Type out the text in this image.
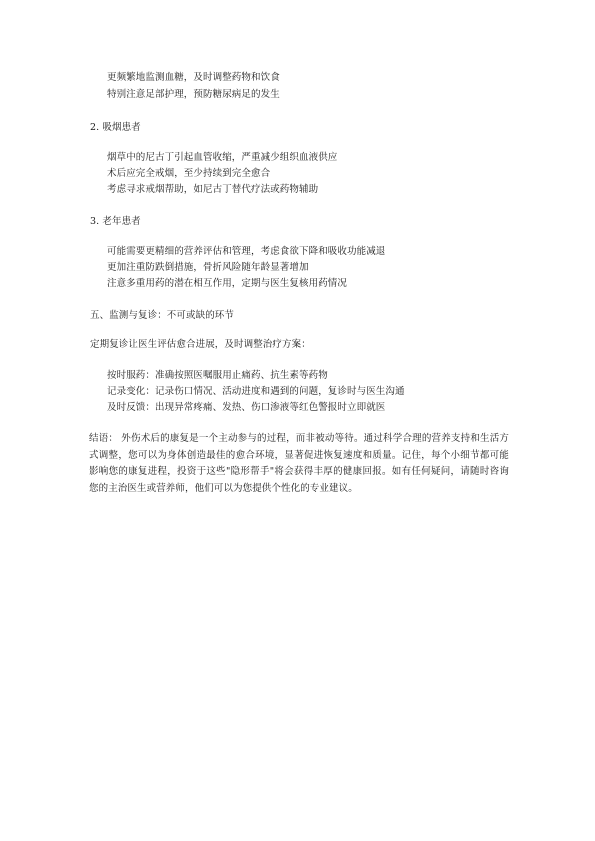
更频繁地监测血糖，及时调整药物和饮食
特别注意足部护理，预防糖尿病足的发生
2. 吸烟患者
烟草中的尼古丁引起血管收缩，严重减少组织血液供应
术后应完全戒烟，至少持续到完全愈合
考虑寻求戒烟帮助，如尼古丁替代疗法或药物辅助
3. 老年患者
可能需要更精细的营养评估和管理，考虑食欲下降和吸收功能减退
更加注重防跌倒措施，骨折风险随年龄显著增加
注意多重用药的潜在相互作用，定期与医生复核用药情况
五、监测与复诊：不可或缺的环节
定期复诊让医生评估愈合进展，及时调整治疗方案：
按时服药：准确按照医嘱服用止痛药、抗生素等药物
记录变化：记录伤口情况、活动进度和遇到的问题，复诊时与医生沟通
及时反馈：出现异常疼痛、发热、伤口渗液等红色警报时立即就医
结语： 外伤术后的康复是一个主动参与的过程，而非被动等待。通过科学合理的营养支持和生活方式调整，您可以为身体创造最佳的愈合环境，显著促进恢复速度和质量。记住，每个小细节都可能影响您的康复进程，投资于这些"隐形帮手"将会获得丰厚的健康回报。如有任何疑问，请随时咨询您的主治医生或营养师，他们可以为您提供个性化的专业建议。
